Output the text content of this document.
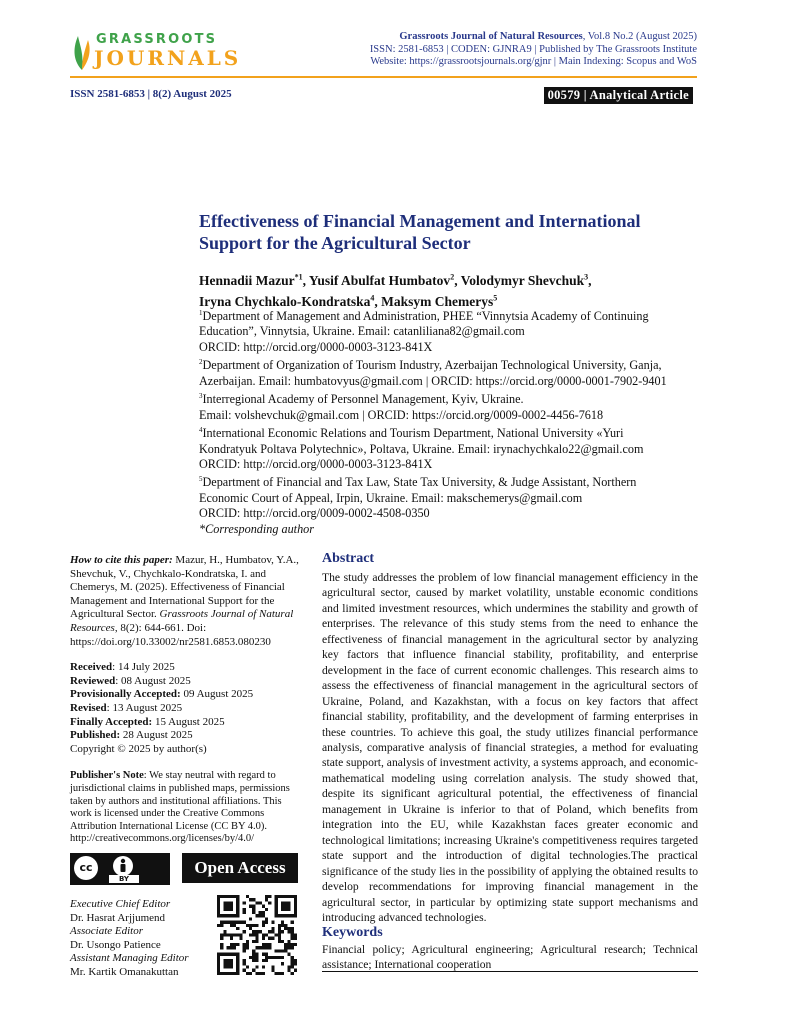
GRASSROOTS
JOURNALS
Grassroots Journal of Natural Resources, Vol.8 No.2 (August 2025)
ISSN: 2581-6853 | CODEN: GJNRA9 | Published by The Grassroots Institute
Website: https://grassrootsjournals.org/gjnr | Main Indexing: Scopus and WoS
ISSN 2581-6853 | 8(2) August 2025	00579 | Analytical Article
Effectiveness of Financial Management and International Support for the Agricultural Sector
Hennadii Mazur$^{*1}$, Yusif Abulfat Humbatov$^2$, Volodymyr Shevchuk$^3$,
Iryna Chychkalo-Kondratska$^4$, Maksym Chemerys$^5$
$^1$Department of Management and Administration, PHEE “Vinnytsia Academy of Continuing
Education”, Vinnytsia, Ukraine. Email: catanliliana82@gmail.com
ORCID: http://orcid.org/0000-0003-3123-841X
$^2$Department of Organization of Tourism Industry, Azerbaijan Technological University, Ganja,
Azerbaijan. Email: humbatovyus@gmail.com | ORCID: https://orcid.org/0000-0001-7902-9401
$^3$Interregional Academy of Personnel Management, Kyiv, Ukraine.
Email: volshevchuk@gmail.com | ORCID: https://orcid.org/0009-0002-4456-7618
$^4$International Economic Relations and Tourism Department, National University «Yuri
Kondratyuk Poltava Polytechnic», Poltava, Ukraine. Email: irynachychkalo22@gmail.com
ORCID: http://orcid.org/0000-0003-3123-841X
$^5$Department of Financial and Tax Law, State Tax University, & Judge Assistant, Northern
Economic Court of Appeal, Irpin, Ukraine. Email: makschemerys@gmail.com
ORCID: http://orcid.org/0009-0002-4508-0350
*Corresponding author
How to cite this paper: Mazur, H., Humbatov, Y.A., Shevchuk, V., Chychkalo-Kondratska, I. and Chemerys, M. (2025). Effectiveness of Financial Management and International Support for the Agricultural Sector. Grassroots Journal of Natural Resources, 8(2): 644-661. Doi: https://doi.org/10.33002/nr2581.6853.080230
Received: 14 July 2025
Reviewed: 08 August 2025
Provisionally Accepted: 09 August 2025
Revised: 13 August 2025
Finally Accepted: 15 August 2025
Published: 28 August 2025
Copyright © 2025 by author(s)
Publisher's Note: We stay neutral with regard to jurisdictional claims in published maps, permissions taken by authors and institutional affiliations. This work is licensed under the Creative Commons Attribution International License (CC BY 4.0). http://creativecommons.org/licenses/by/4.0/
cc
BY
Open Access
Executive Chief Editor
Dr. Hasrat Arjjumend
Associate Editor
Dr. Usongo Patience
Assistant Managing Editor
Mr. Kartik Omanakuttan
Abstract
The study addresses the problem of low financial management efficiency in the agricultural sector, caused by market volatility, unstable economic conditions and limited investment resources, which undermines the stability and growth of enterprises. The relevance of this study stems from the need to enhance the effectiveness of financial management in the agricultural sector by analyzing key factors that influence financial stability, profitability, and enterprise development in the face of current economic challenges. This research aims to assess the effectiveness of financial management in the agricultural sectors of Ukraine, Poland, and Kazakhstan, with a focus on key factors that affect financial stability, profitability, and the development of farming enterprises in these countries. To achieve this goal, the study utilizes financial performance analysis, comparative analysis of financial strategies, a method for evaluating state support, analysis of investment activity, a systems approach, and economic-mathematical modeling using correlation analysis. The study showed that, despite its significant agricultural potential, the effectiveness of financial management in Ukraine is inferior to that of Poland, which benefits from integration into the EU, while Kazakhstan faces greater economic and technological limitations; increasing Ukraine's competitiveness requires targeted state support and the introduction of digital technologies.The practical significance of the study lies in the possibility of applying the obtained results to develop recommendations for improving financial management in the agricultural sector, in particular by optimizing state support mechanisms and introducing advanced technologies.
Keywords
Financial policy; Agricultural engineering; Agricultural research; Technical assistance; International cooperation
